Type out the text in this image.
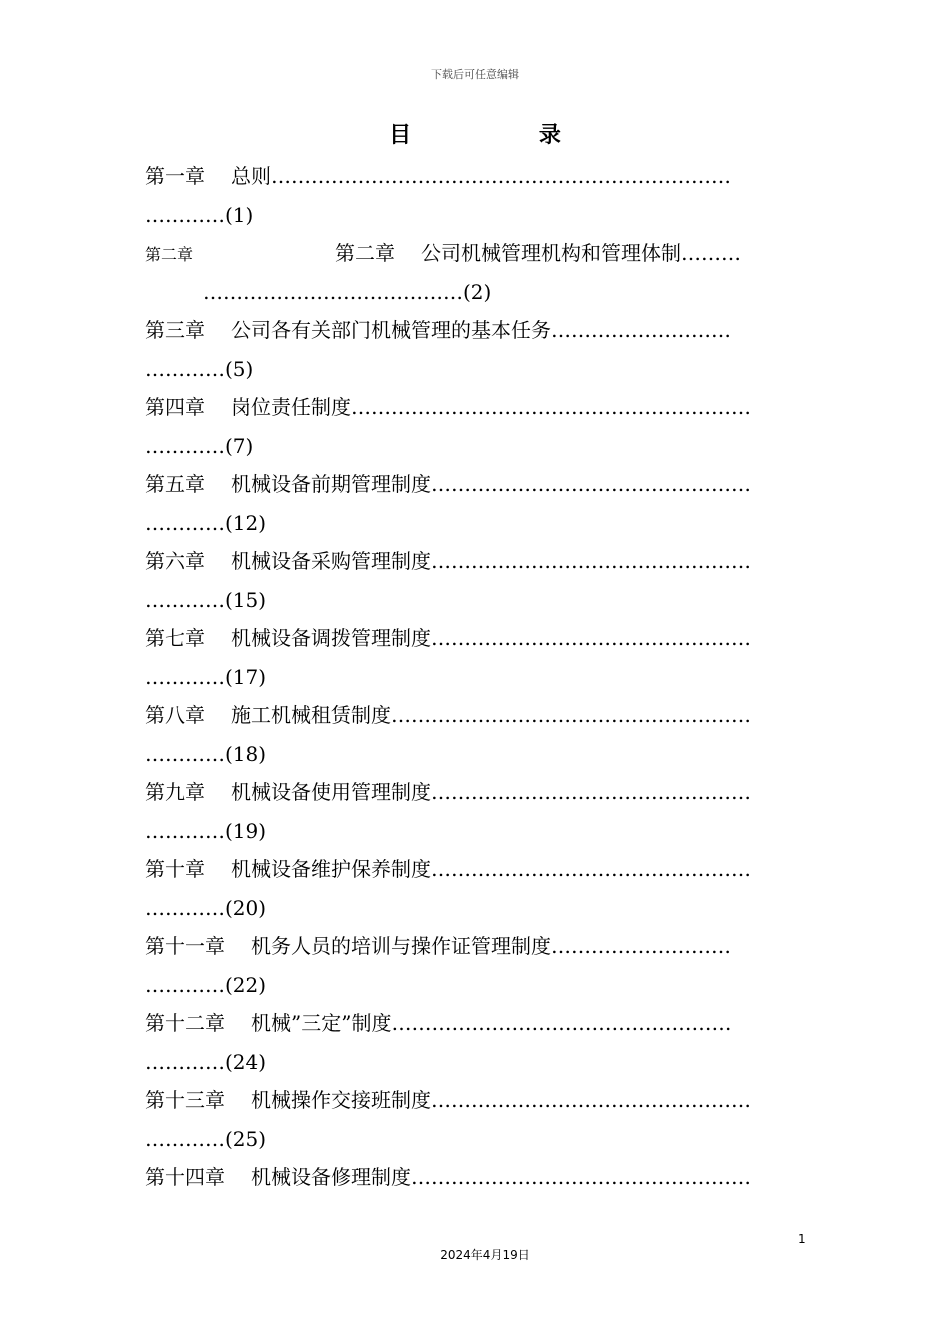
下载后可任意编辑
目 录
第一章 总则……………………………………………………………
…………(1)
第二章	第二章 公司机械管理机构和管理体制………
…………………………………(2)
第三章 公司各有关部门机械管理的基本任务………………………
…………(5)
第四章 岗位责任制度……………………………………………………
…………(7)
第五章 机械设备前期管理制度…………………………………………
…………(12)
第六章 机械设备采购管理制度…………………………………………
…………(15)
第七章 机械设备调拨管理制度…………………………………………
…………(17)
第八章 施工机械租赁制度………………………………………………
…………(18)
第九章 机械设备使用管理制度…………………………………………
…………(19)
第十章 机械设备维护保养制度…………………………………………
…………(20)
第十一章 机务人员的培训与操作证管理制度………………………
…………(22)
第十二章 机械”三定”制度……………………………………………
…………(24)
第十三章 机械操作交接班制度…………………………………………
…………(25)
第十四章 机械设备修理制度……………………………………………
1
2024年4月19日
